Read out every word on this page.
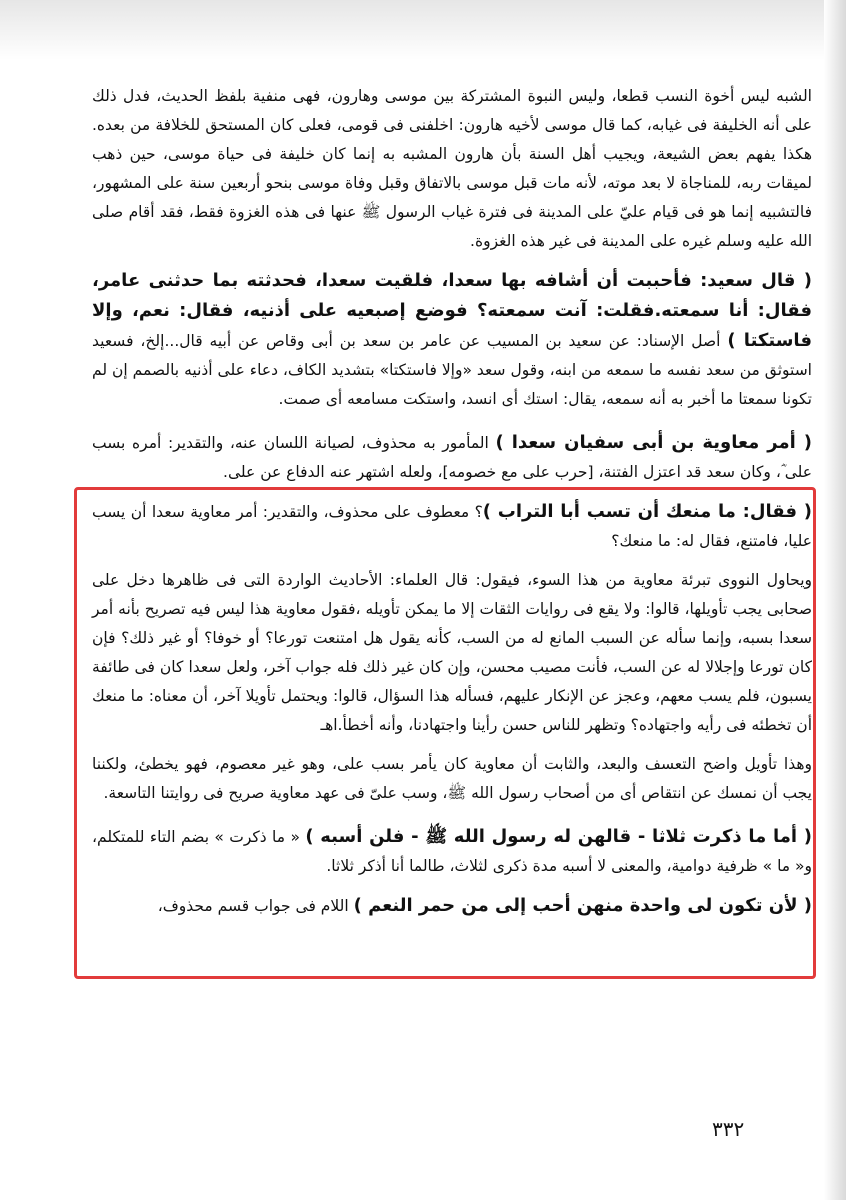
الشبه ليس أخوة النسب قطعا، وليس النبوة المشتركة بين موسى وهارون، فهى منفية بلفظ الحديث، فدل ذلك على أنه الخليفة فى غيابه، كما قال موسى لأخيه هارون: اخلفنى فى قومى، فعلى كان المستحق للخلافة من بعده. هكذا يفهم بعض الشيعة، ويجيب أهل السنة بأن هارون المشبه به إنما كان خليفة فى حياة موسى، حين ذهب لميقات ربه، للمناجاة لا بعد موته، لأنه مات قبل موسى بالاتفاق وقبل وفاة موسى بنحو أربعين سنة على المشهور، فالتشبيه إنما هو فى قيام عليّ على المدينة فى فترة غياب الرسول ﷺ عنها فى هذه الغزوة فقط، فقد أقام صلى الله عليه وسلم غيره على المدينة فى غير هذه الغزوة.

( قال سعيد: فأحببت أن أشافه بها سعدا، فلقيت سعدا، فحدثته بما حدثنى عامر، فقال: أنا سمعته.فقلت: آنت سمعته؟ فوضع إصبعيه على أذنيه، فقال: نعم، وإلا فاستكتا ) أصل الإسناد: عن سعيد بن المسيب عن عامر بن سعد بن أبى وقاص عن أبيه قال...إلخ، فسعيد استوثق من سعد نفسه ما سمعه من ابنه، وقول سعد «وإلا فاستكتا» بتشديد الكاف، دعاء على أذنيه بالصمم إن لم تكونا سمعتا ما أخبر به أنه سمعه، يقال: استك أى انسد، واستكت مسامعه أى صمت.

( أمر معاوية بن أبى سفيان سعدا ) المأمور به محذوف، لصيانة اللسان عنه، والتقدير: أمره بسب على ؓ، وكان سعد قد اعتزل الفتنة، [حرب على مع خصومه]، ولعله اشتهر عنه الدفاع عن على.

( فقال: ما منعك أن تسب أبا التراب )؟ معطوف على محذوف، والتقدير: أمر معاوية سعدا أن يسب عليا، فامتنع، فقال له: ما منعك؟

ويحاول النووى تبرئة معاوية من هذا السوء، فيقول: قال العلماء: الأحاديث الواردة التى فى ظاهرها دخل على صحابى يجب تأويلها، قالوا: ولا يقع فى روايات الثقات إلا ما يمكن تأويله ،فقول معاوية هذا ليس فيه تصريح بأنه أمر سعدا بسبه، وإنما سأله عن السبب المانع له من السب، كأنه يقول هل امتنعت تورعا؟ أو خوفا؟ أو غير ذلك؟ فإن كان تورعا وإجلالا له عن السب، فأنت مصيب محسن، وإن كان غير ذلك فله جواب آخر، ولعل سعدا كان فى طائفة يسبون، فلم يسب معهم، وعجز عن الإنكار عليهم، فسأله هذا السؤال، قالوا: ويحتمل تأويلا آخر، أن معناه: ما منعك أن تخطئه فى رأيه واجتهاده؟ وتظهر للناس حسن رأينا واجتهادنا، وأنه أخطأ.اهـ

وهذا تأويل واضح التعسف والبعد، والثابت أن معاوية كان يأمر بسب على، وهو غير معصوم، فهو يخطئ، ولكننا يجب أن نمسك عن انتقاص أى من أصحاب رسول الله ﷺ، وسب علىّ فى عهد معاوية صريح فى روايتنا التاسعة.

( أما ما ذكرت ثلاثا - قالهن له رسول الله ﷺ - فلن أسبه ) « ما ذكرت » بضم التاء للمتكلم، و« ما » ظرفية دوامية، والمعنى لا أسبه مدة ذكرى لثلاث، طالما أنا أذكر ثلاثا.

( لأن تكون لى واحدة منهن أحب إلى من حمر النعم ) اللام فى جواب قسم محذوف،

٣٣٢
